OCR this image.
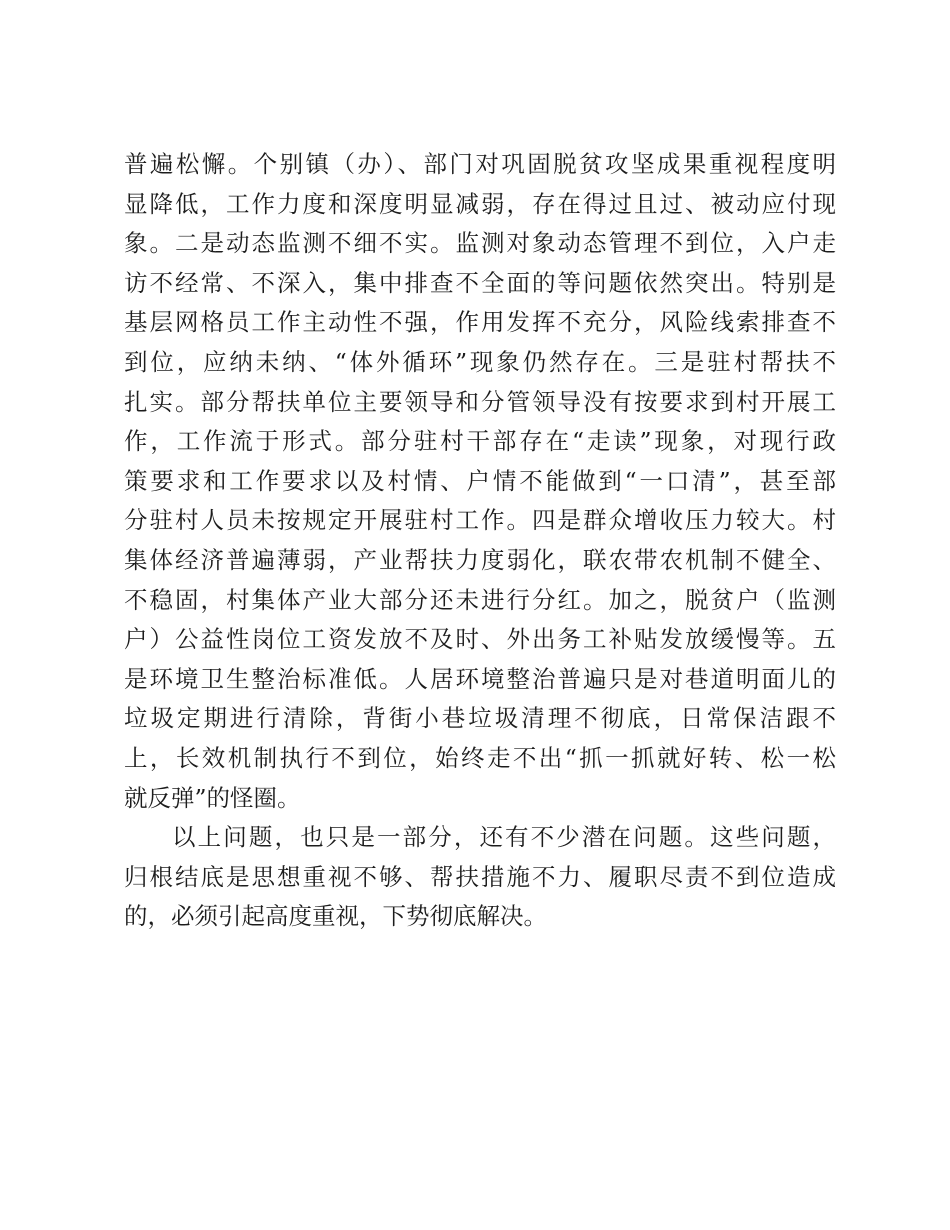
普遍松懈。个别镇（办）、部门对巩固脱贫攻坚成果重视程度明
显降低，工作力度和深度明显减弱，存在得过且过、被动应付现
象。二是动态监测不细不实。监测对象动态管理不到位，入户走
访不经常、不深入，集中排查不全面的等问题依然突出。特别是
基层网格员工作主动性不强，作用发挥不充分，风险线索排查不
到位，应纳未纳、“体外循环”现象仍然存在。三是驻村帮扶不
扎实。部分帮扶单位主要领导和分管领导没有按要求到村开展工
作，工作流于形式。部分驻村干部存在“走读”现象，对现行政
策要求和工作要求以及村情、户情不能做到“一口清”，甚至部
分驻村人员未按规定开展驻村工作。四是群众增收压力较大。村
集体经济普遍薄弱，产业帮扶力度弱化，联农带农机制不健全、
不稳固，村集体产业大部分还未进行分红。加之，脱贫户（监测
户）公益性岗位工资发放不及时、外出务工补贴发放缓慢等。五
是环境卫生整治标准低。人居环境整治普遍只是对巷道明面儿的
垃圾定期进行清除，背街小巷垃圾清理不彻底，日常保洁跟不
上，长效机制执行不到位，始终走不出“抓一抓就好转、松一松
就反弹”的怪圈。
以上问题，也只是一部分，还有不少潜在问题。这些问题，
归根结底是思想重视不够、帮扶措施不力、履职尽责不到位造成
的，必须引起高度重视，下势彻底解决。
